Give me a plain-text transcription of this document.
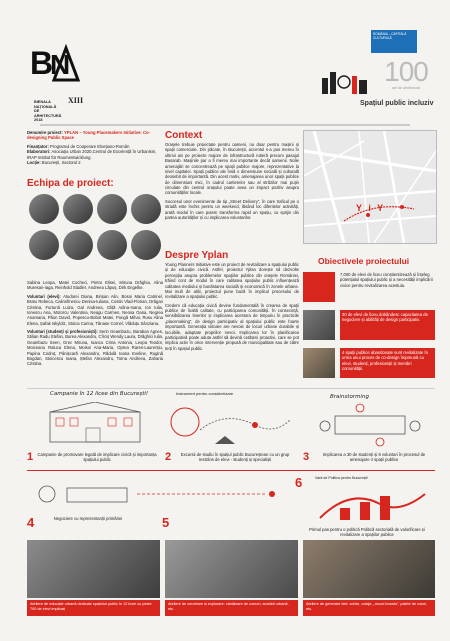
B
N
XIII
BIENALA
NAȚIONALĂ
DE
ARHITECTURĂ
2018
ROMÂNIA – CAPITALĂ CULTURALĂ
100
ani de arhitectură
Spațiul public incluziv
Denumire proiect: YPLAN – Young Placemakers Initiative: Co-designing Public Space
Finanțator: Programul de Cooperare Elvețiano-Român
Elaboratori: Asociația Urban 2020,Centrul de Excelență în Urbanism, IRAP Institut für Raumentwicklung.
Locție: București, Sectorul 2
Echipa de proiect:
Sabina Leopa, Matei Cocheci, Pietro Elisei, Miruna Drăghia, Alina Muresan-Iaga, Reinhold Stadler, Andreea Lăpuș, Dirk Engelke.
Voluntari (elevi): Atudorei Diana, Birișan Alin, Bosoi Maria Catrinel, Bratu Rebeca, Calinnfinescu Denisa-Iuliana, Costin Vlad-Florian, Drăgan Cristina, Furtună Luiza, Gal Andreea, Gliță Adina-Ioana, Ion Iulia, Ionescu Ana, Motorcu Valentina, Neagu Carmen, Neosa Oana, Negrea Anamaria, Păun David, Popescu-Bobot Matei, Pungă Mihai, Rusu Alina Elena, Șafak Iskyldiz, Stoica Carina, Tănase Cornel, Vlăduțu Sânziana.
Voluntari (studenți și profesioniști): Serin Geambazu, Baraban Agnes, Stilian Radu Stefan, Burea Alexandru, Cîrciș Wendy Laura, Drăghici Iulia, Geambazu Seen, Grec Miruna, Ioancu Crina Antonia, Leopa Teodor, Moiceanu Raluca Elena, Moisoi Ana-Maria, Oprea Rares-Laurențiu, Papina Codruț, Pânișcară Alexandru, Rădulă Ioana Eveline, Rugină Bogdan, Stoicescu Ioana, Ștefan Alexandru, Torna Andreea, Zaharia Cristina.
Context
Orașele trebuie proiectate pentru oameni, nu doar pentru mașini și spații comerciale. Din păcate, în București, accentul s-a pus mereu în ultimii ani pe proiecte majore de infrastructură rutieră precum pasajul Basarab. Mașinile par a fi mereu mai importante decât oamenii. Nolie amenajări se concentrează pe spații publice majore, reprezentative la nivel capitalei. Spații publice ale însă o dimensiune socială și culturală deosebit de importantă. Din acest motiv, amenajarea unor spații publice de dimensiuni mici, în cadrul cartierelor sau al străzilor mai puțin circulate din centrul orașului poate avea un impact pozitiv asupra comunităților locale.
Succesul unor evenimente de tip „Street Delivery”, în care traficul pe o stradă este închis pentru un weekend, lăsând loc diferitelor activități, arată modul în care putem transforma rapid un spațiu, cu sprijin din partea autorităților și cu implicarea voluntarilor.
Despre Yplan
Young Planners Initiative este un proiect de revitalizare a spațiului public și de educație civică. Astfel, proiectul Yplan dorește să dezvolte percepția asupra problemelor spațiilor publice din orașele României, trăind cont de modul în care calitatea spațiului public influențează calitatea mediului și bunăstarea socială și economică în zonele urbane. Mai mult de atât, proiectul pune bază în implicul procesului de revitalizare a spațiului public.
Credem că educația civică devine fundamentală în crearea de spații publice de înaltă calitate, cu participarea comunității. În consecință, sensibilizarea tinerilor și implicarea acestora de timpuriu în practicile „placemaking”, de design participativ al spațiului public este foarte importantă. Generația viitoare are nevoie de locuri urbane durabile și locuibile, adaptate propriilor nevoi. Implicarea lor în planificarea participativă poate aduta astfel să devină cetățeni proactivi, care se pot implica activ în orice intervenție propusă de municipalitate sau de către terți în spațiul public.
Y i Y
Obiectivele proiectului
7,000 de elevi de liceu conștientizează și înțeleg potențialul spațiului public și a necesității implicării civice pentru revitalizarea acestuia.
30 de elevi de liceu dobândesc capacitatea de negociere și abilități de design participativ.
4 spații publice abandonate sunt revitalizate în urma unui proces de co-design împreună cu elevi, studenți, profesioniști și membri comunității.
Campanie în 12 licee din București!	Instrument pentru conștientizare
Brainstorming
1 Campanie de promovare legată de implicare civică și importanța spațiului public	2	Excursii de studiu în spațiul public Bucureștean cu un grup restrâns de elevi - studenți și specialiști	3	Implicarea a 30 de studenți și 6 voluntari în procesul de amenajare 4 spații publice
6	Vară de Politica pentru București!
4	Negociere cu reprezentanții primăriei	5	Primul pas pentru o politică Politică sectorială de valorificare și revitalizare a spațiilor publice
Ateliere de educație urbană dedicate spațiului public în 12 licee cu peste 700 de elevi implicați
Ateliere de cercetare și explorare: vânătoare de comori, analiză urbană, etc.
Ateliere de generare idei: schițe, colaje, „mood boards”, palete de culori, etc.
